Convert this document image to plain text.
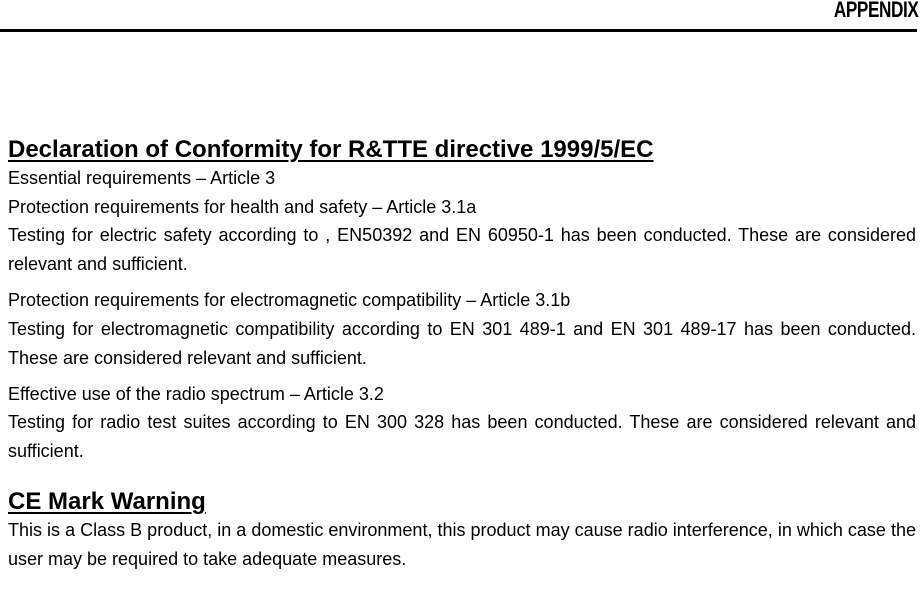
APPENDIX
Declaration of Conformity for R&TTE directive 1999/5/EC

Essential requirements – Article 3

Protection requirements for health and safety – Article 3.1a

Testing for electric safety according to , EN50392 and EN 60950-1 has been conducted. These are considered relevant and sufficient.

Protection requirements for electromagnetic compatibility – Article 3.1b

Testing for electromagnetic compatibility according to EN 301 489-1 and EN 301 489-17 has been conducted. These are considered relevant and sufficient.

Effective use of the radio spectrum – Article 3.2

Testing for radio test suites according to EN 300 328 has been conducted. These are considered relevant and sufficient.

CE Mark Warning

This is a Class B product, in a domestic environment, this product may cause radio interference, in which case the user may be required to take adequate measures.
